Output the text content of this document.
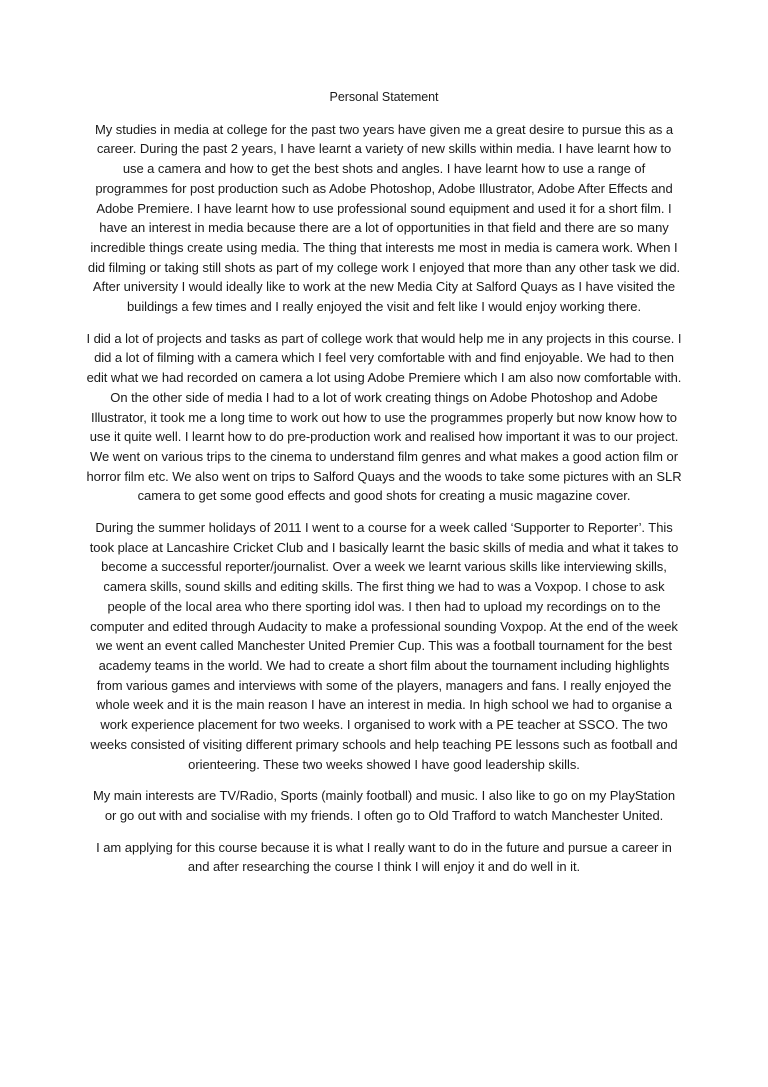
Personal Statement

My studies in media at college for the past two years have given me a great desire to pursue this as a career. During the past 2 years, I have learnt a variety of new skills within media. I have learnt how to use a camera and how to get the best shots and angles. I have learnt how to use a range of programmes for post production such as Adobe Photoshop, Adobe Illustrator, Adobe After Effects and Adobe Premiere. I have learnt how to use professional sound equipment and used it for a short film. I have an interest in media because there are a lot of opportunities in that field and there are so many incredible things create using media. The thing that interests me most in media is camera work. When I did filming or taking still shots as part of my college work I enjoyed that more than any other task we did. After university I would ideally like to work at the new Media City at Salford Quays as I have visited the buildings a few times and I really enjoyed the visit and felt like I would enjoy working there.

I did a lot of projects and tasks as part of college work that would help me in any projects in this course. I did a lot of filming with a camera which I feel very comfortable with and find enjoyable. We had to then edit what we had recorded on camera a lot using Adobe Premiere which I am also now comfortable with. On the other side of media I had to a lot of work creating things on Adobe Photoshop and Adobe Illustrator, it took me a long time to work out how to use the programmes properly but now know how to use it quite well. I learnt how to do pre-production work and realised how important it was to our project. We went on various trips to the cinema to understand film genres and what makes a good action film or horror film etc. We also went on trips to Salford Quays and the woods to take some pictures with an SLR camera to get some good effects and good shots for creating a music magazine cover.

During the summer holidays of 2011 I went to a course for a week called ‘Supporter to Reporter’. This took place at Lancashire Cricket Club and I basically learnt the basic skills of media and what it takes to become a successful reporter/journalist. Over a week we learnt various skills like interviewing skills, camera skills, sound skills and editing skills. The first thing we had to was a Voxpop. I chose to ask people of the local area who there sporting idol was. I then had to upload my recordings on to the computer and edited through Audacity to make a professional sounding Voxpop. At the end of the week we went an event called Manchester United Premier Cup. This was a football tournament for the best academy teams in the world. We had to create a short film about the tournament including highlights from various games and interviews with some of the players, managers and fans. I really enjoyed the whole week and it is the main reason I have an interest in media. In high school we had to organise a work experience placement for two weeks. I organised to work with a PE teacher at SSCO. The two weeks consisted of visiting different primary schools and help teaching PE lessons such as football and orienteering. These two weeks showed I have good leadership skills.

My main interests are TV/Radio, Sports (mainly football) and music. I also like to go on my PlayStation or go out with and socialise with my friends. I often go to Old Trafford to watch Manchester United.

I am applying for this course because it is what I really want to do in the future and pursue a career in and after researching the course I think I will enjoy it and do well in it.
